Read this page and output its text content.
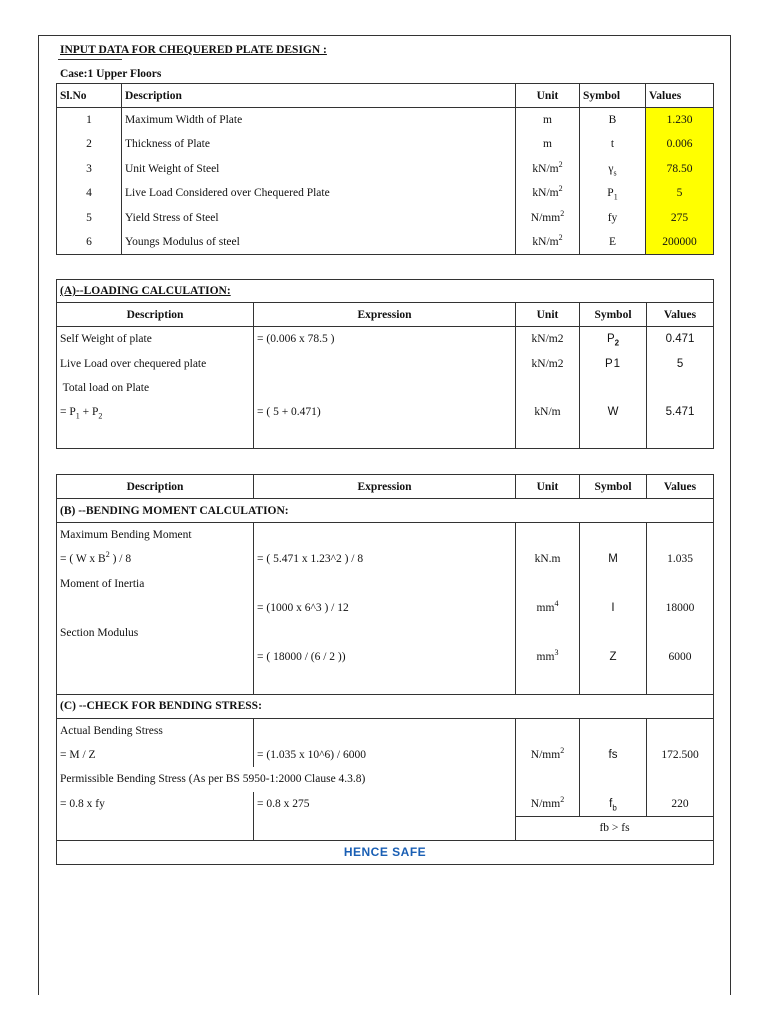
INPUT DATA FOR CHEQUERED PLATE DESIGN :
Case:1 Upper Floors
Sl.No	Description	Unit	Symbol	Values
1	Maximum Width of Plate	m	B	1.230
2	Thickness of Plate	m	t	0.006
3	Unit Weight of Steel	$kN/m^2$	$\gamma_s$	78.50
4	Live Load Considered over Chequered Plate	$kN/m^2$	$P_1$	5
5	Yield Stress of Steel	$N/mm^2$	fy	275
6	Youngs Modulus of steel	$kN/m^2$	E	200000
(A)--LOADING CALCULATION:				
Description	Expression	Unit	Symbol	Values
Self Weight of plate	= (0.006 x 78.5 )	kN/m2	$P_2$	0.471
Live Load over chequered plate		kN/m2	P1	5
Total load on Plate				
= $P_1 + P_2$	= ( 5 + 0.471)	kN/m	W	5.471

Description	Expression	Unit	Symbol	Values
(B) --BENDING MOMENT CALCULATION:				
Maximum Bending Moment				
= ( W x $B^2$ ) / 8	= ( 5.471 x 1.23^2 ) / 8	kN.m	M	1.035
Moment of Inertia				
	= (1000 x 6^3 ) / 12	$mm^4$	I	18000
Section Modulus				
	= ( 18000 / (6 / 2 ))	$mm^3$	Z	6000

(C) --CHECK FOR BENDING STRESS:				
Actual Bending Stress				
= M / Z	= (1.035 x 10^6) / 6000	$N/mm^2$	fs	172.500
Permissible Bending Stress (As per BS 5950-1:2000 Clause 4.3.8)				
= 0.8 x fy	= 0.8 x 275	$N/mm^2$	$f_b$	220
		fb > fs		
HENCE SAFE				
